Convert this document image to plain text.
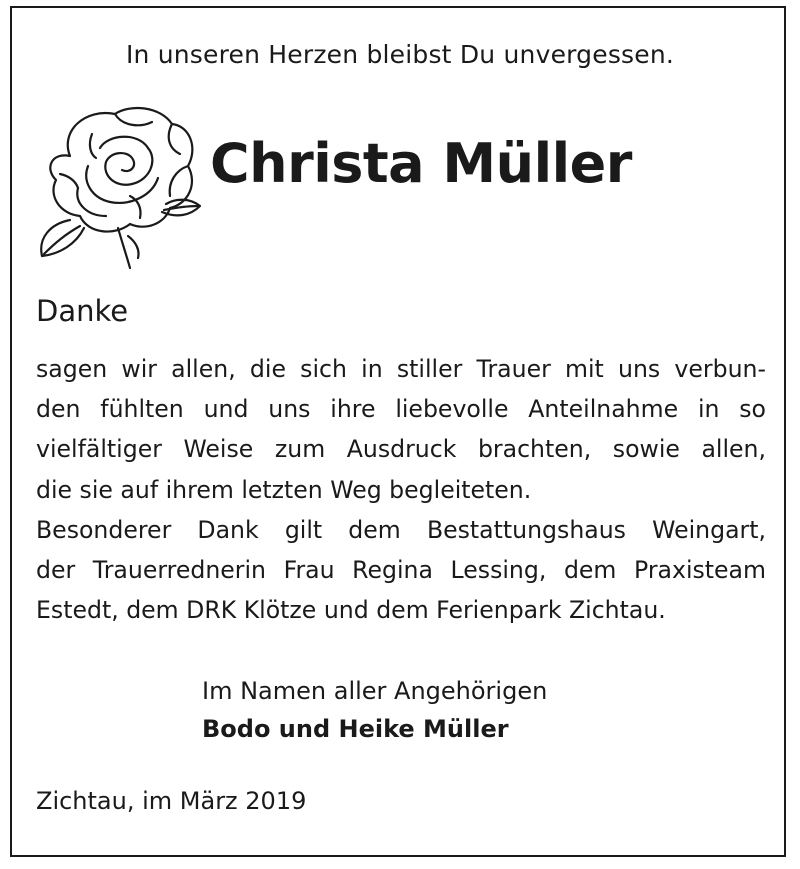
In unseren Herzen bleibst Du unvergessen.
Christa Müller
Danke
sagen wir allen, die sich in stiller Trauer mit uns verbun-
den fühlten und uns ihre liebevolle Anteilnahme in so
vielfältiger Weise zum Ausdruck brachten, sowie allen,
die sie auf ihrem letzten Weg begleiteten.
Besonderer Dank gilt dem Bestattungshaus Weingart,
der Trauerrednerin Frau Regina Lessing, dem Praxisteam
Estedt, dem DRK Klötze und dem Ferienpark Zichtau.
Im Namen aller Angehörigen
Bodo und Heike Müller
Zichtau, im März 2019
